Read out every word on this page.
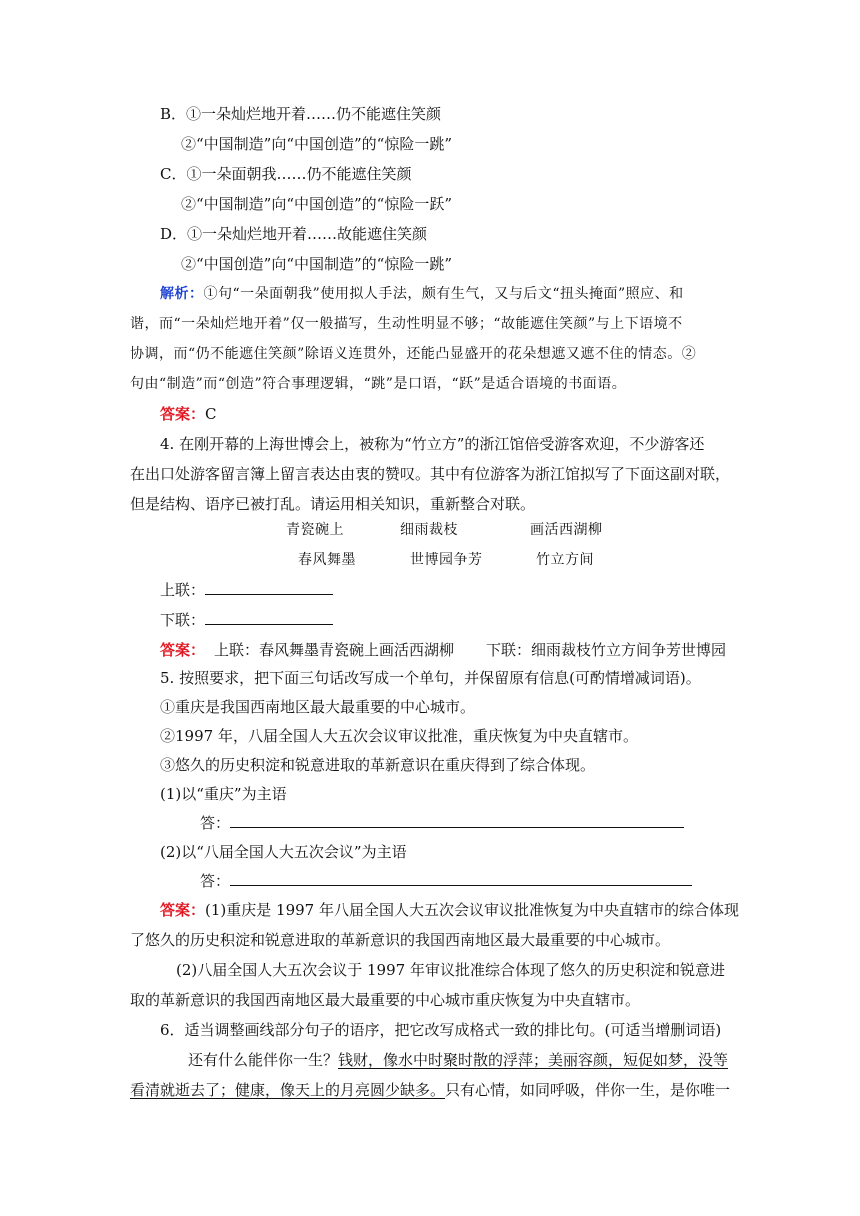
B．①一朵灿烂地开着……仍不能遮住笑颜
②“中国制造”向“中国创造”的“惊险一跳”
C．①一朵面朝我……仍不能遮住笑颜
②“中国制造”向“中国创造”的“惊险一跃”
D．①一朵灿烂地开着……故能遮住笑颜
②“中国创造”向“中国制造”的“惊险一跳”
解析：①句“一朵面朝我”使用拟人手法，颇有生气，又与后文“扭头掩面”照应、和
谐，而“一朵灿烂地开着”仅一般描写，生动性明显不够；“故能遮住笑颜”与上下语境不
协调，而“仍不能遮住笑颜”除语义连贯外，还能凸显盛开的花朵想遮又遮不住的情态。②
句由“制造”而“创造”符合事理逻辑，“跳”是口语，“跃”是适合语境的书面语。
答案：C
4. 在刚开幕的上海世博会上，被称为“竹立方”的浙江馆倍受游客欢迎，不少游客还
在出口处游客留言簿上留言表达由衷的赞叹。其中有位游客为浙江馆拟写了下面这副对联，
但是结构、语序已被打乱。请运用相关知识，重新整合对联。
青瓷碗上	细雨裁枝	画活西湖柳
春风舞墨	世博园争芳	竹立方间
上联：
下联：
答案： 上联：春风舞墨青瓷碗上画活西湖柳 下联：细雨裁枝竹立方间争芳世博园
5. 按照要求，把下面三句话改写成一个单句，并保留原有信息(可酌情增减词语)。
①重庆是我国西南地区最大最重要的中心城市。
②1997 年，八届全国人大五次会议审议批准，重庆恢复为中央直辖市。
③悠久的历史积淀和锐意进取的革新意识在重庆得到了综合体现。
(1)以“重庆”为主语
答：
(2)以“八届全国人大五次会议”为主语
答：
答案：(1)重庆是 1997 年八届全国人大五次会议审议批准恢复为中央直辖市的综合体现
了悠久的历史积淀和锐意进取的革新意识的我国西南地区最大最重要的中心城市。
(2)八届全国人大五次会议于 1997 年审议批准综合体现了悠久的历史积淀和锐意进
取的革新意识的我国西南地区最大最重要的中心城市重庆恢复为中央直辖市。
6．适当调整画线部分句子的语序，把它改写成格式一致的排比句。(可适当增删词语)
还有什么能伴你一生？钱财，像水中时聚时散的浮萍；美丽容颜，短促如梦，没等
看清就逝去了；健康，像天上的月亮圆少缺多。只有心情，如同呼吸，伴你一生，是你唯一
